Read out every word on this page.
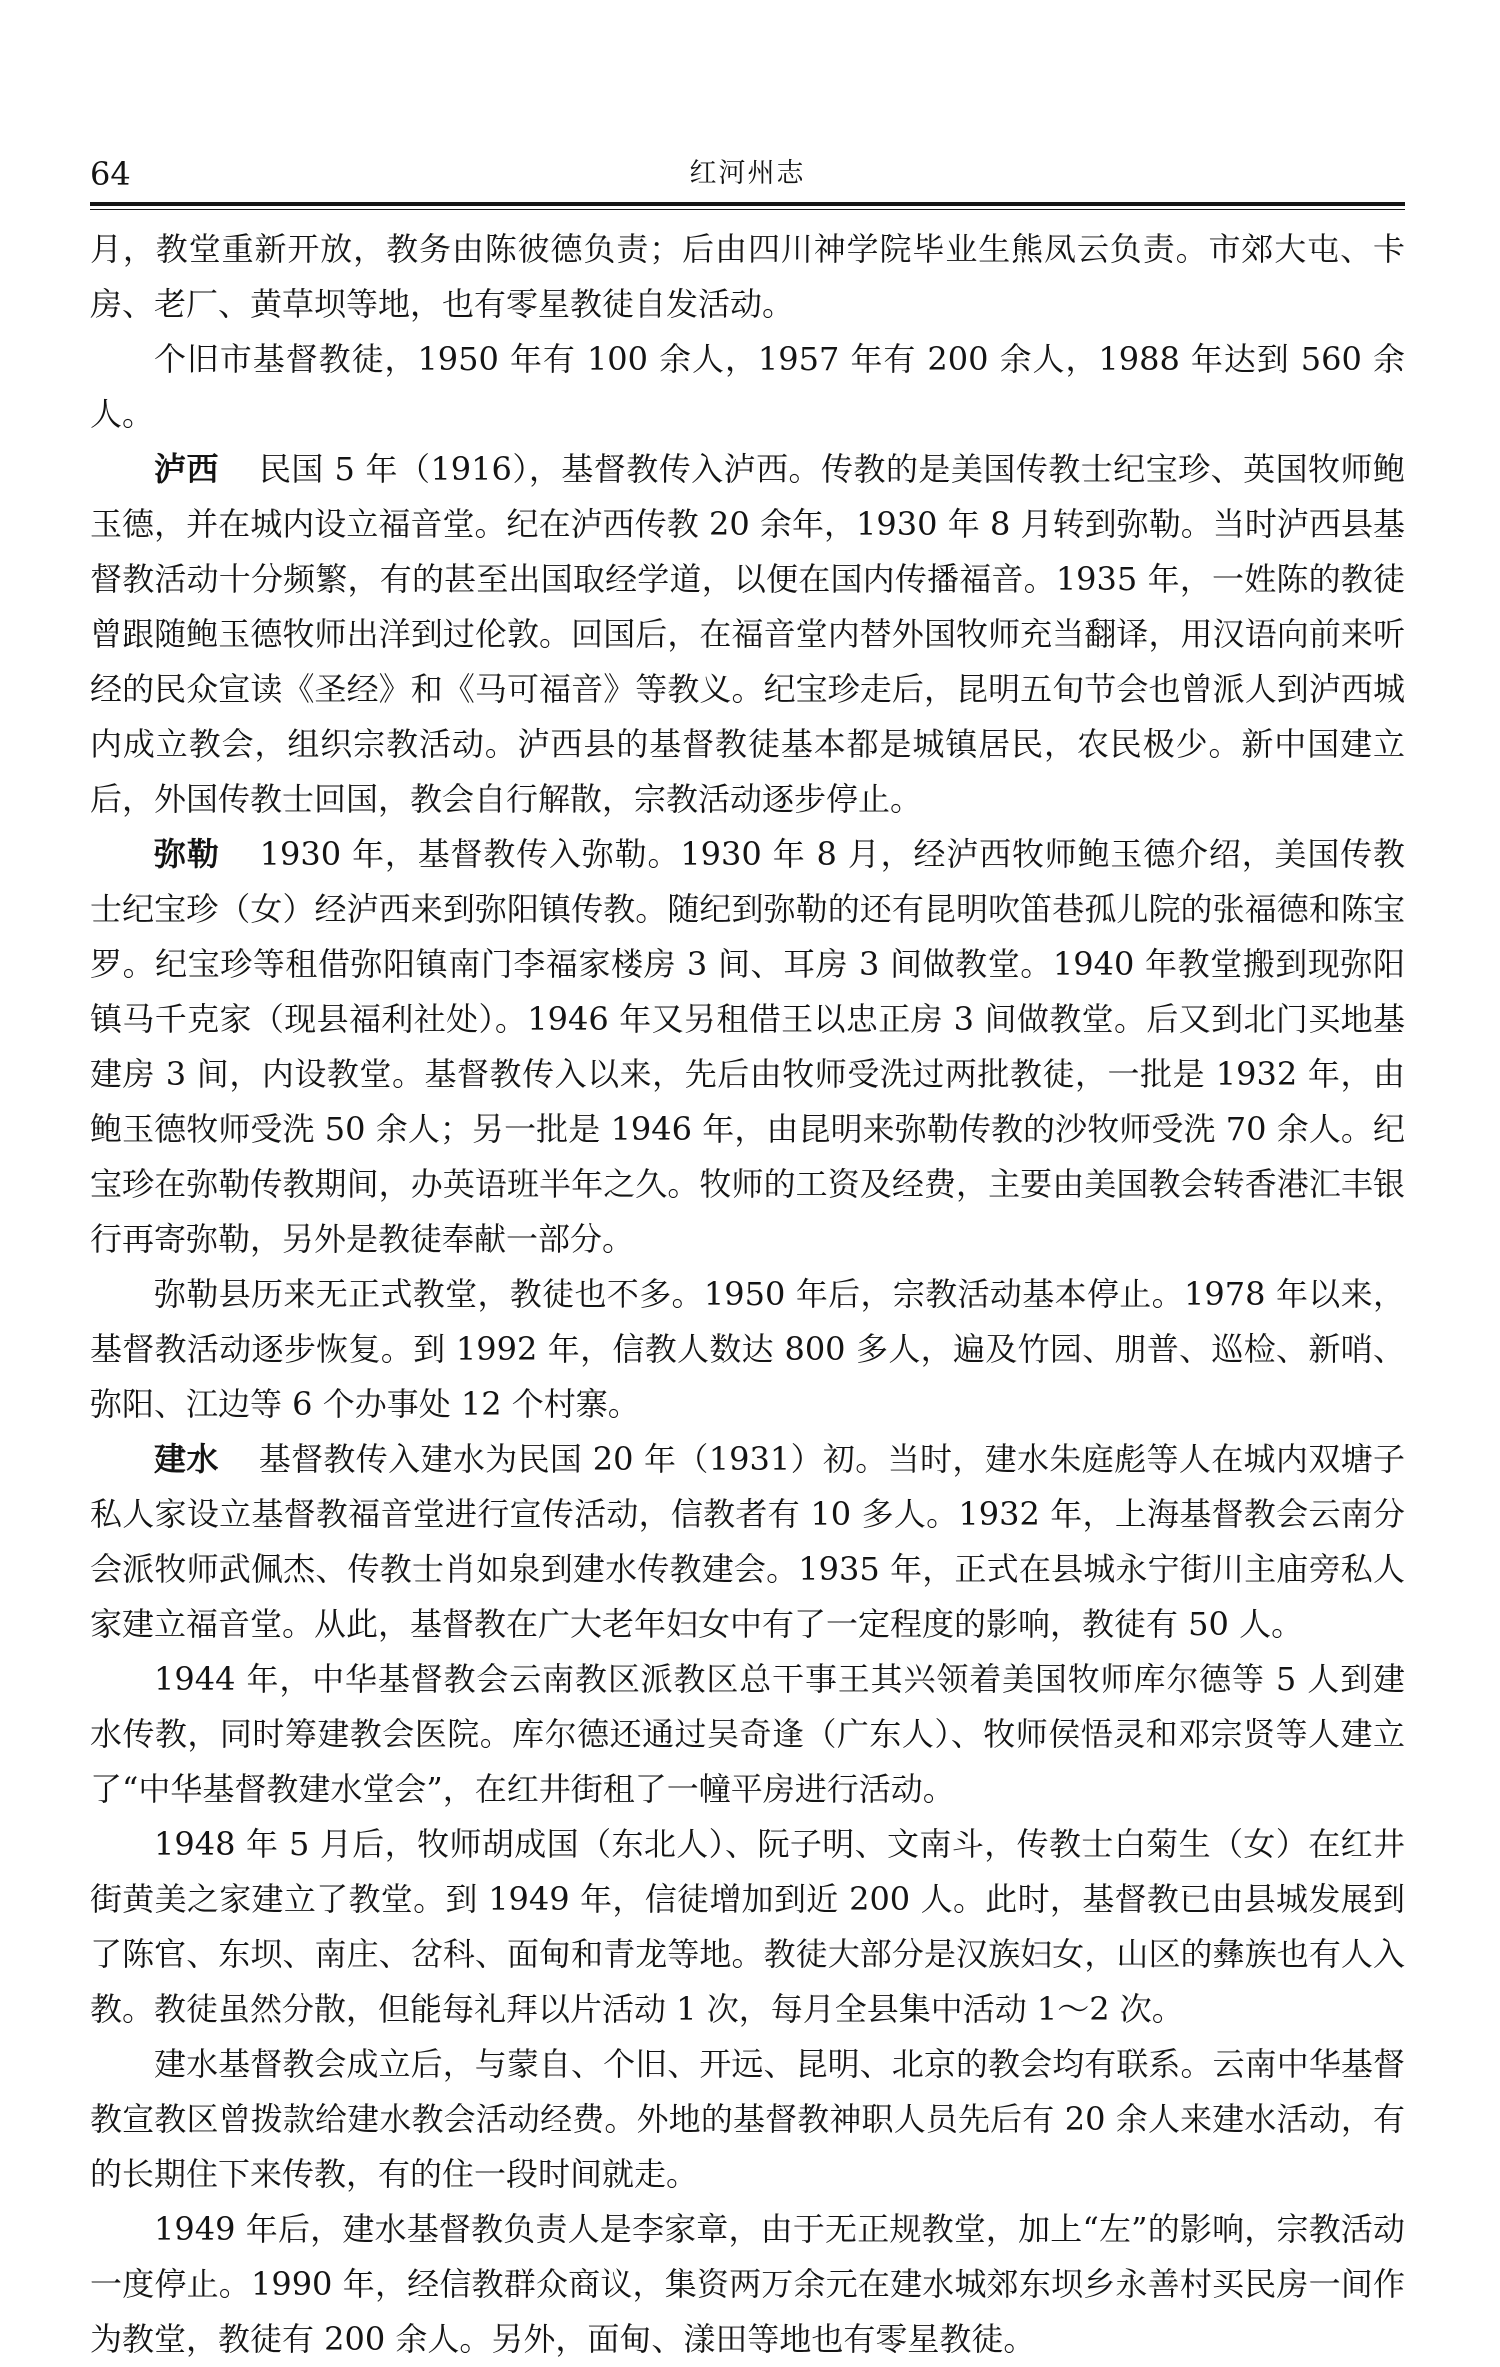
64	红河州志

月，教堂重新开放，教务由陈彼德负责；后由四川神学院毕业生熊凤云负责。市郊大屯、卡房、老厂、黄草坝等地，也有零星教徒自发活动。

个旧市基督教徒，1950 年有 100 余人，1957 年有 200 余人，1988 年达到 560 余人。

泸西 民国 5 年（1916），基督教传入泸西。传教的是美国传教士纪宝珍、英国牧师鲍玉德，并在城内设立福音堂。纪在泸西传教 20 余年，1930 年 8 月转到弥勒。当时泸西县基督教活动十分频繁，有的甚至出国取经学道，以便在国内传播福音。1935 年，一姓陈的教徒曾跟随鲍玉德牧师出洋到过伦敦。回国后，在福音堂内替外国牧师充当翻译，用汉语向前来听经的民众宣读《圣经》和《马可福音》等教义。纪宝珍走后，昆明五旬节会也曾派人到泸西城内成立教会，组织宗教活动。泸西县的基督教徒基本都是城镇居民，农民极少。新中国建立后，外国传教士回国，教会自行解散，宗教活动逐步停止。

弥勒 1930 年，基督教传入弥勒。1930 年 8 月，经泸西牧师鲍玉德介绍，美国传教士纪宝珍（女）经泸西来到弥阳镇传教。随纪到弥勒的还有昆明吹笛巷孤儿院的张福德和陈宝罗。纪宝珍等租借弥阳镇南门李福家楼房 3 间、耳房 3 间做教堂。1940 年教堂搬到现弥阳镇马千克家（现县福利社处）。1946 年又另租借王以忠正房 3 间做教堂。后又到北门买地基建房 3 间，内设教堂。基督教传入以来，先后由牧师受洗过两批教徒，一批是 1932 年，由鲍玉德牧师受洗 50 余人；另一批是 1946 年，由昆明来弥勒传教的沙牧师受洗 70 余人。纪宝珍在弥勒传教期间，办英语班半年之久。牧师的工资及经费，主要由美国教会转香港汇丰银行再寄弥勒，另外是教徒奉献一部分。

弥勒县历来无正式教堂，教徒也不多。1950 年后，宗教活动基本停止。1978 年以来，基督教活动逐步恢复。到 1992 年，信教人数达 800 多人，遍及竹园、朋普、巡检、新哨、弥阳、江边等 6 个办事处 12 个村寨。

建水 基督教传入建水为民国 20 年（1931）初。当时，建水朱庭彪等人在城内双塘子私人家设立基督教福音堂进行宣传活动，信教者有 10 多人。1932 年，上海基督教会云南分会派牧师武佩杰、传教士肖如泉到建水传教建会。1935 年，正式在县城永宁街川主庙旁私人家建立福音堂。从此，基督教在广大老年妇女中有了一定程度的影响，教徒有 50 人。

1944 年，中华基督教会云南教区派教区总干事王其兴领着美国牧师库尔德等 5 人到建水传教，同时筹建教会医院。库尔德还通过吴奇逢（广东人）、牧师侯悟灵和邓宗贤等人建立了“中华基督教建水堂会”，在红井街租了一幢平房进行活动。

1948 年 5 月后，牧师胡成国（东北人）、阮子明、文南斗，传教士白菊生（女）在红井街黄美之家建立了教堂。到 1949 年，信徒增加到近 200 人。此时，基督教已由县城发展到了陈官、东坝、南庄、岔科、面甸和青龙等地。教徒大部分是汉族妇女，山区的彝族也有人入教。教徒虽然分散，但能每礼拜以片活动 1 次，每月全县集中活动 1～2 次。

建水基督教会成立后，与蒙自、个旧、开远、昆明、北京的教会均有联系。云南中华基督教宣教区曾拨款给建水教会活动经费。外地的基督教神职人员先后有 20 余人来建水活动，有的长期住下来传教，有的住一段时间就走。

1949 年后，建水基督教负责人是李家章，由于无正规教堂，加上“左”的影响，宗教活动一度停止。1990 年，经信教群众商议，集资两万余元在建水城郊东坝乡永善村买民房一间作为教堂，教徒有 200 余人。另外，面甸、漾田等地也有零星教徒。
